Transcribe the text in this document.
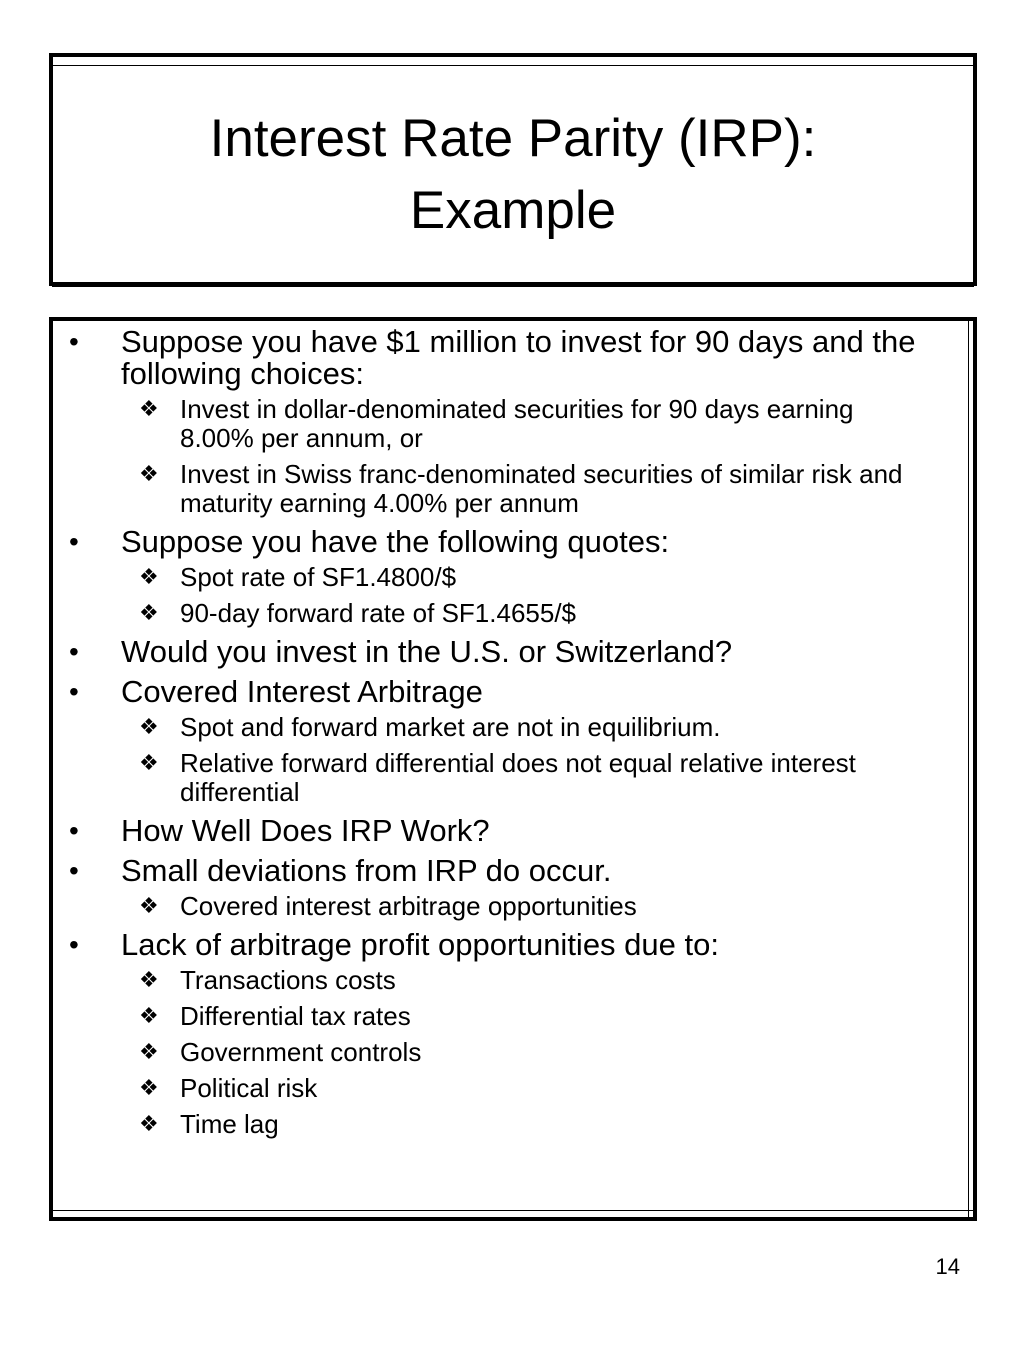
Interest Rate Parity (IRP):
Example
•	Suppose you have $1 million to invest for 90 days and the following choices:
❖ Invest in dollar-denominated securities for 90 days earning 8.00% per annum, or
❖ Invest in Swiss franc-denominated securities of similar risk and maturity earning 4.00% per annum
•	Suppose you have the following quotes:
❖ Spot rate of SF1.4800/$
❖ 90-day forward rate of SF1.4655/$
•	Would you invest in the U.S. or Switzerland?
•	Covered Interest Arbitrage
❖ Spot and forward market are not in equilibrium.
❖ Relative forward differential does not equal relative interest differential
•	How Well Does IRP Work?
•	Small deviations from IRP do occur.
❖ Covered interest arbitrage opportunities
•	Lack of arbitrage profit opportunities due to:
❖ Transactions costs
❖ Differential tax rates
❖ Government controls
❖ Political risk
❖ Time lag
14
